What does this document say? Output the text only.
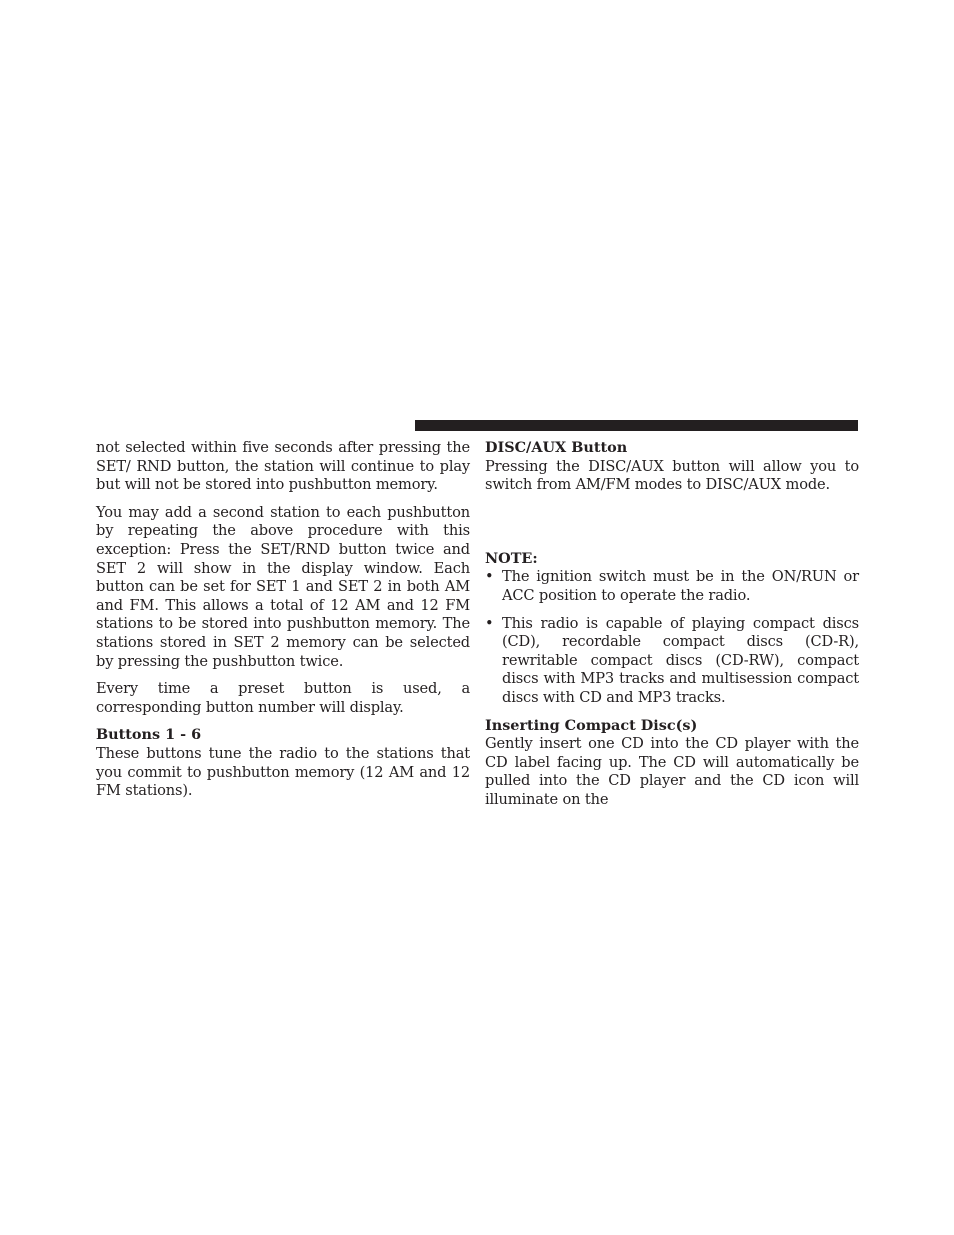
not selected within five seconds after pressing the SET/ RND button, the station will continue to play but will not be stored into pushbutton memory.

You may add a second station to each pushbutton by repeating the above procedure with this exception: Press the SET/RND button twice and SET 2 will show in the display window. Each button can be set for SET 1 and SET 2 in both AM and FM. This allows a total of 12 AM and 12 FM stations to be stored into pushbutton memory. The stations stored in SET 2 memory can be selected by pressing the pushbutton twice.

Every time a preset button is used, a corresponding button number will display.

Buttons 1 - 6

These buttons tune the radio to the stations that you commit to pushbutton memory (12 AM and 12 FM stations).

DISC/AUX Button

Pressing the DISC/AUX button will allow you to switch from AM/FM modes to DISC/AUX mode.

NOTE:
• The ignition switch must be in the ON/RUN or ACC position to operate the radio.
• This radio is capable of playing compact discs (CD), recordable compact discs (CD-R), rewritable compact discs (CD-RW), compact discs with MP3 tracks and multisession compact discs with CD and MP3 tracks.
Inserting Compact Disc(s)

Gently insert one CD into the CD player with the CD label facing up. The CD will automatically be pulled into the CD player and the CD icon will illuminate on the
